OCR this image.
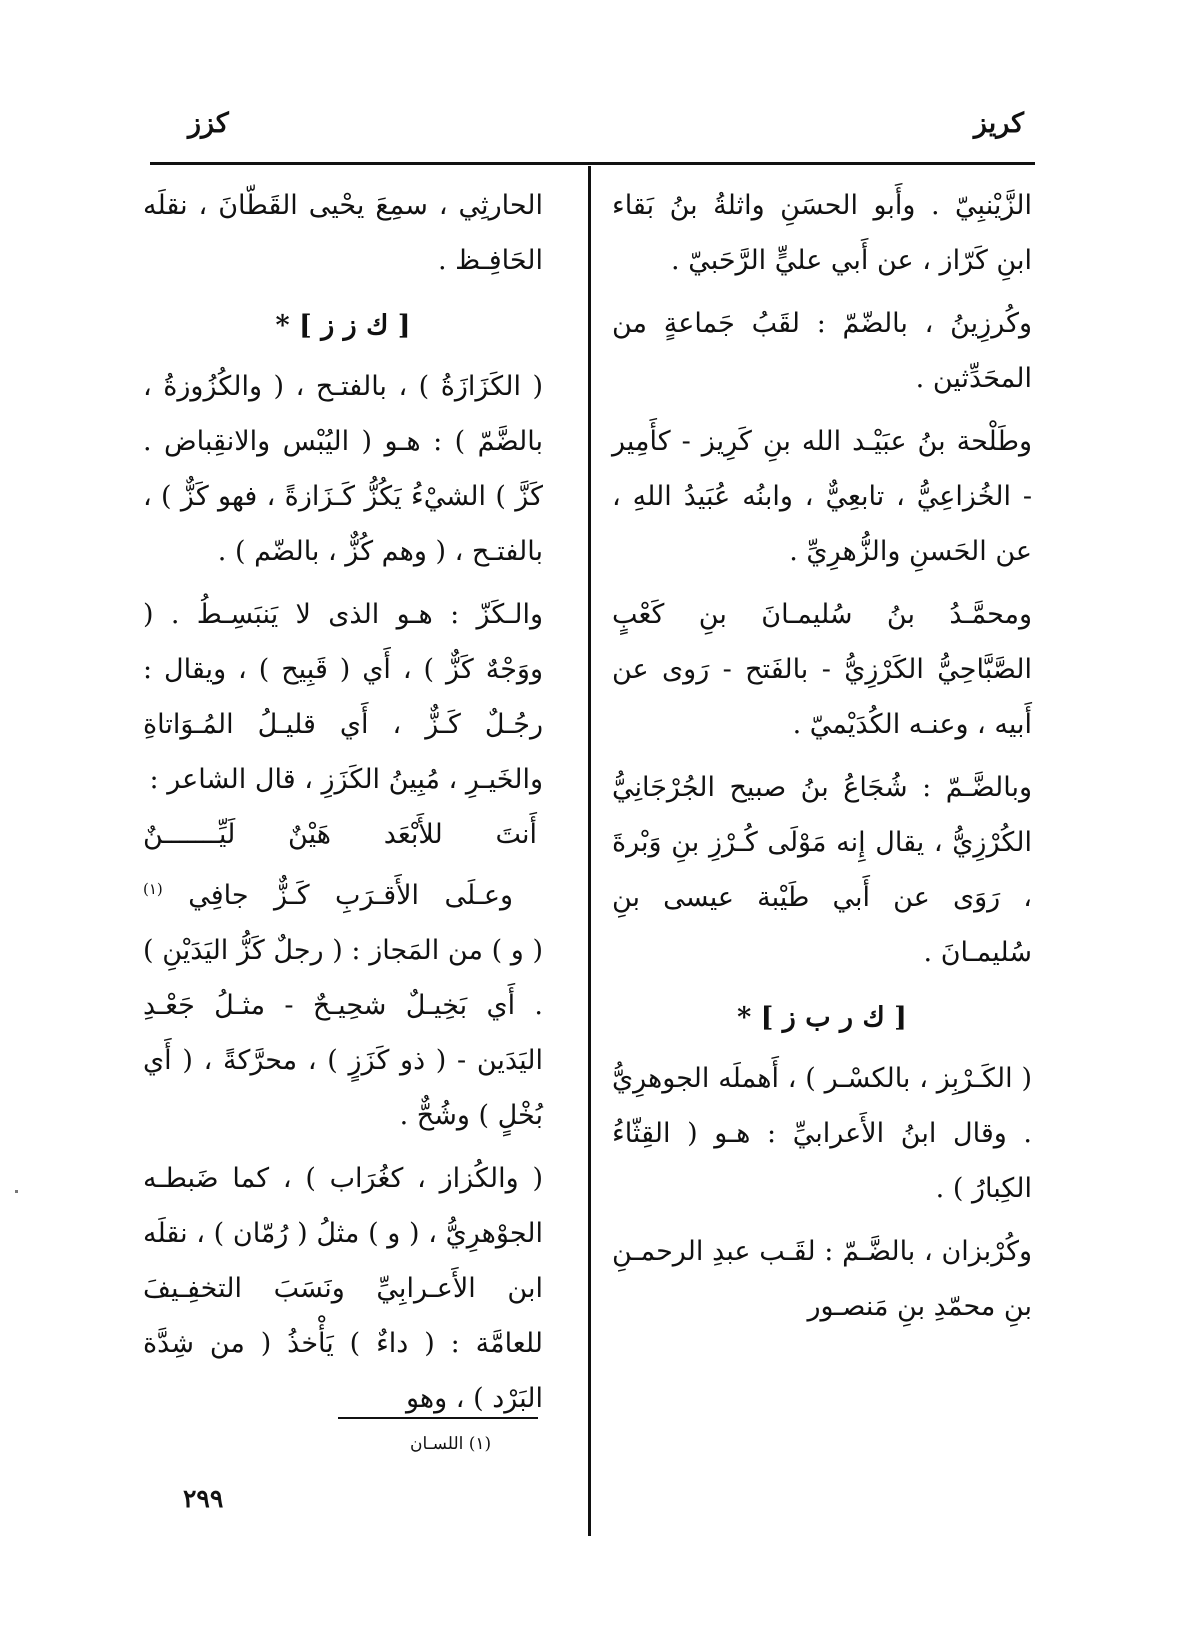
كريز
كزز

الزَّيْنبِيّ . وأَبو الحسَنِ واثلةُ بنُ بَقاء ابنِ كَرّاز ، عن أَبي عليٍّ الرَّحَبيّ .

وكُرزِينُ ، بالضّمّ : لقَبُ جَماعةٍ من المحَدِّثين .

وطَلْحة بنُ عبَيْـد الله بنِ كَرِيز - كأَمِير - الخُزاعِيُّ ، تابعِيٌّ ، وابنُه عُبَيدُ اللهِ ، عن الحَسنِ والزُّهرِيِّ .

ومحمَّـدُ بنُ سُليمـانَ بنِ كَعْبٍ الصَّبَّاحِيُّ الكَرْزِيُّ - بالفَتح - رَوى عن أَبيه ، وعنـه الكُدَيْميّ .

وبالضَّـمّ : شُجَاعُ بنُ صبيح الجُرْجَانِيُّ الكُرْزِيُّ ، يقال إِنه مَوْلَى كُـرْزِ بنِ وَبْرةَ ، رَوَى عن أَبي طَيْبة عيسى بنِ سُليمـانَ .

[ ك ر ب ز ] *

( الكَـرْبِز ، بالكسْـر ) ، أَهملَه الجوهرِيُّ . وقال ابنُ الأَعرابيِّ : هـو ( القِثّاءُ الكِبارُ ) .

وكُرْبزان ، بالضَّـمّ : لقَـب عبدِ الرحمـنِ بنِ محمّدِ بنِ مَنصـور

الحارثِي ، سمِعَ يحْيى القَطّانَ ، نقلَه الحَافِـظ .

[ ك ز ز ] *

( الكَزَازَةُ ) ، بالفتـح ، ( والكُزُوزةُ ، بالضَّمّ ) : هـو ( اليُبْس والانقِباض . كَزَّ ) الشيْءُ يَكُزُّ كَـزَازةً ، فهو كَزٌّ ) ، بالفتـح ، ( وهم كُزٌّ ، بالضّم ) .

والـكَزّ : هـو الذى لا يَنبَسِـطُ . ( ووَجْهٌ كَزٌّ ) ، أَي ( قَبِيح ) ، ويقال : رجُـلٌ كَـزٌّ ، أَي قليـلُ المُـوَاتاةِ والخَيـرِ ، مُبِينُ الكَزَزِ ، قال الشاعر :

أَنتَ للأَبْعَد هَيْنٌ لَيِّـــــــنٌ
وعـلَى الأَقـرَبِ كَـزٌّ جافِي $^{(١)}$

( و ) من المَجاز : ( رجلٌ كَزُّ اليَدَيْنِ ) . أَي بَخِيـلٌ شحِيـحٌ - مثـلُ جَعْـدِ اليَدَين - ( ذو كَزَزٍ ) ، محرَّكةً ، ( أَي بُخْلٍ ) وشُحٌّ .

( والكُزاز ، كغُرَاب ) ، كما ضَبطـه الجوْهرِيُّ ، ( و ) مثلُ ( رُمّان ) ، نقلَه ابن الأَعـرابِيِّ ونَسَبَ التخفِـيفَ للعامَّة : ( داءٌ ) يَأْخذُ ( من شِدَّة البَرْد ) ، وهو

(١) اللسـان
٢٩٩
